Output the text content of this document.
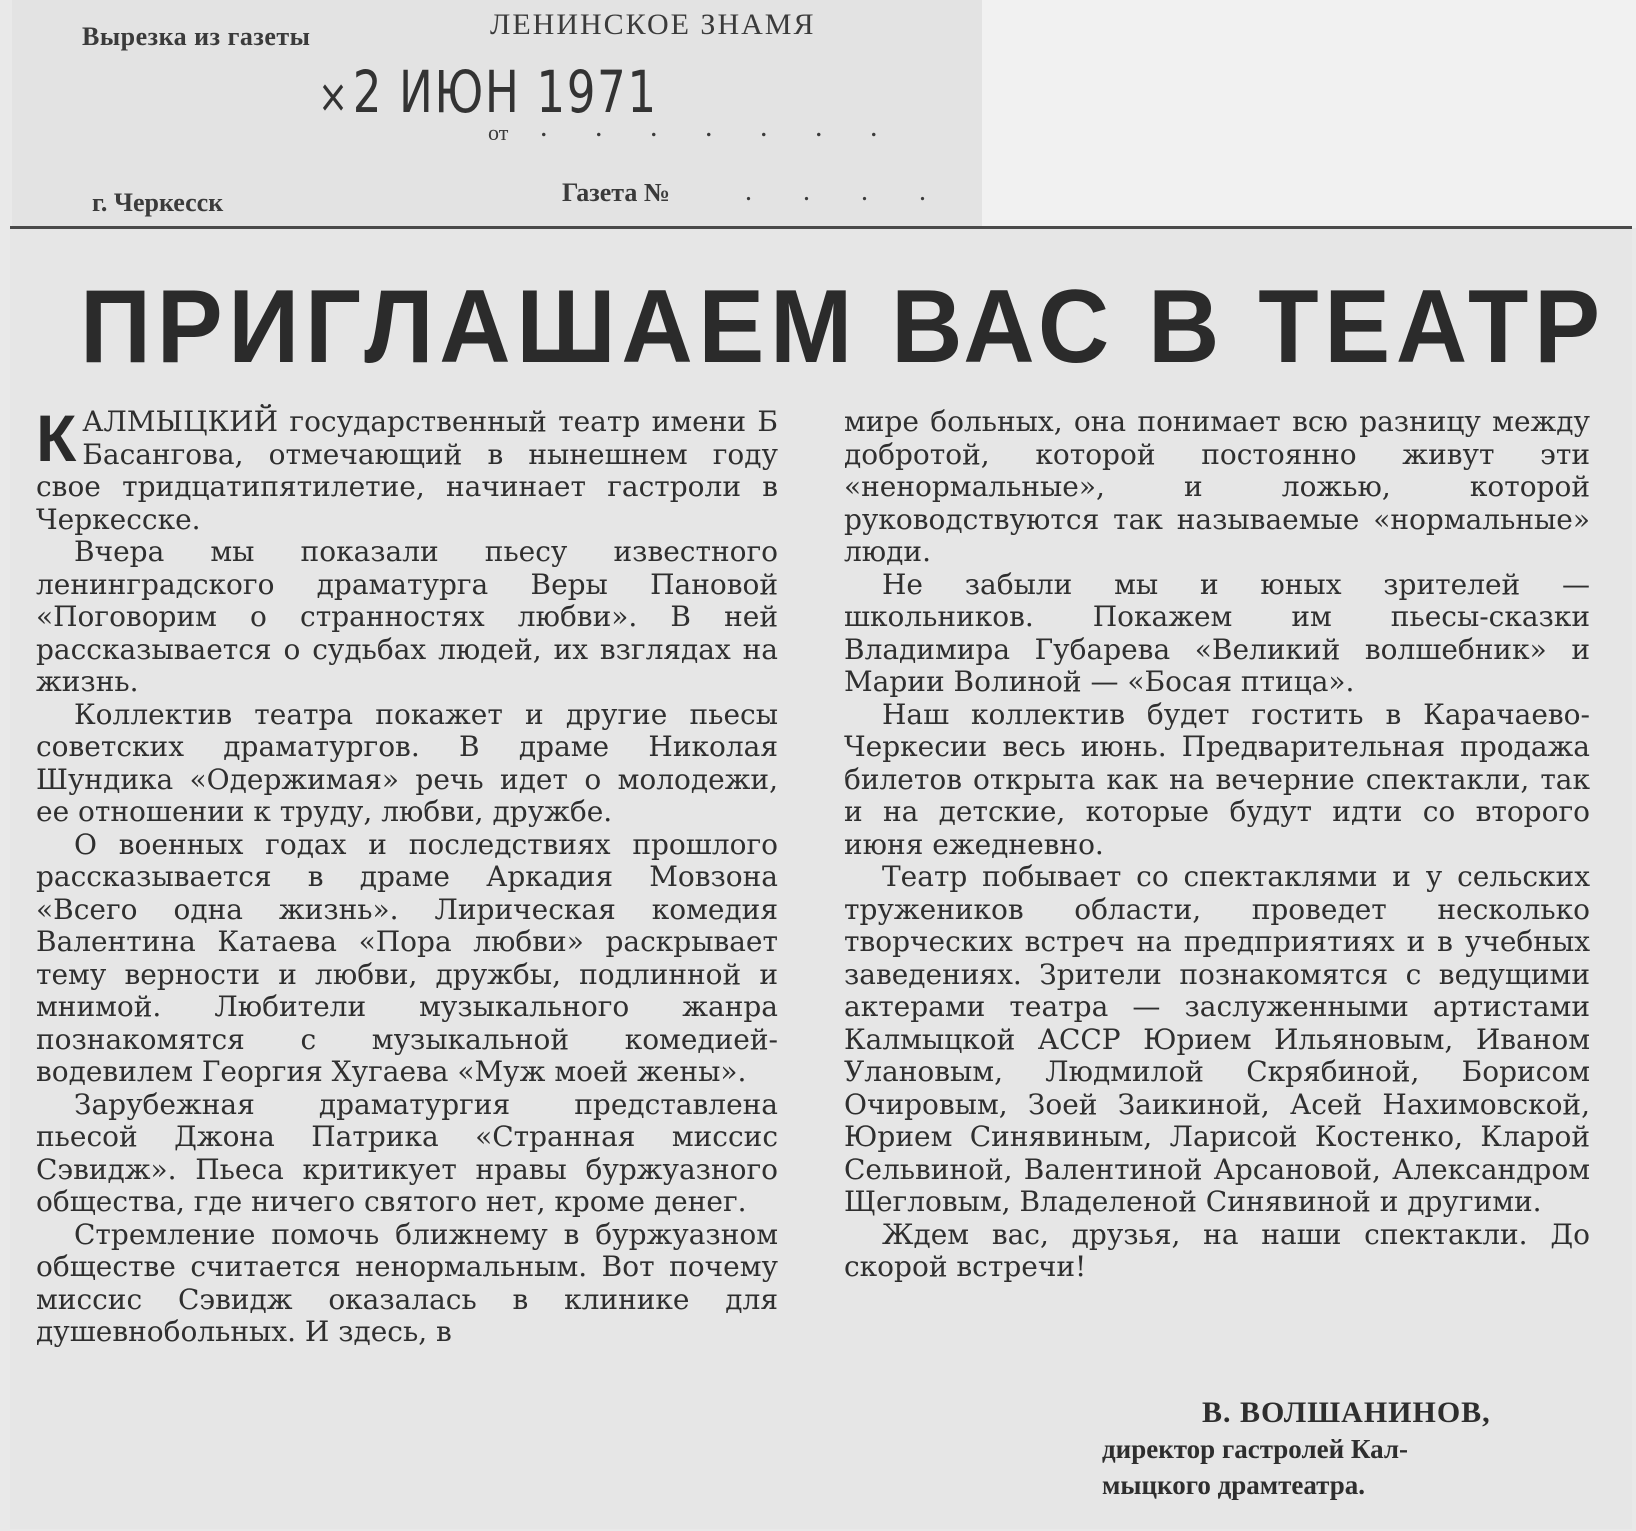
Вырезка из газеты	ЛЕНИНСКОЕ ЗНАМЯ
×2 ИЮН 1971
от . . . . . . .
г. Черкесск	Газета №	. . . .
ПРИГЛАШАЕМ ВАС В ТЕАТР

КАЛМЫЦКИЙ государственный театр имени Б Басангова, отмечающий в нынешнем году свое тридцатипятилетие, начинает гастроли в Черкесске.

Вчера мы показали пьесу известного ленинградского драматурга Веры Пановой «Поговорим о странностях любви». В ней рассказывается о судьбах людей, их взглядах на жизнь.

Коллектив театра покажет и другие пьесы советских драматургов. В драме Николая Шундика «Одержимая» речь идет о молодежи, ее отношении к труду, любви, дружбе.

О военных годах и последствиях прошлого рассказывается в драме Аркадия Мовзона «Всего одна жизнь». Лирическая комедия Валентина Катаева «Пора любви» раскрывает тему верности и любви, дружбы, подлинной и мнимой. Любители музыкального жанра познакомятся с музыкальной комедией-водевилем Георгия Хугаева «Муж моей жены».

Зарубежная драматургия представлена пьесой Джона Патрика «Странная миссис Сэвидж». Пьеса критикует нравы буржуазного общества, где ничего святого нет, кроме денег.

Стремление помочь ближнему в буржуазном обществе считается ненормальным. Вот почему миссис Сэвидж оказалась в клинике для душевнобольных. И здесь, в

мире больных, она понимает всю разницу между добротой, которой постоянно живут эти «ненормальные», и ложью, которой руководствуются так называемые «нормальные» люди.

Не забыли мы и юных зрителей — школьников. Покажем им пьесы-сказки Владимира Губарева «Великий волшебник» и Марии Волиной — «Босая птица».

Наш коллектив будет гостить в Карачаево-Черкесии весь июнь. Предварительная продажа билетов открыта как на вечерние спектакли, так и на детские, которые будут идти со второго июня ежедневно.

Театр побывает со спектаклями и у сельских тружеников области, проведет несколько творческих встреч на предприятиях и в учебных заведениях. Зрители познакомятся с ведущими актерами театра — заслуженными артистами Калмыцкой АССР Юрием Ильяновым, Иваном Улановым, Людмилой Скрябиной, Борисом Очировым, Зоей Заикиной, Асей Нахимовской, Юрием Синявиным, Ларисой Костенко, Кларой Сельвиной, Валентиной Арсановой, Александром Щегловым, Владеленой Синявиной и другими.

Ждем вас, друзья, на наши спектакли. До скорой встречи!

В. ВОЛШАНИНОВ,
директор гастролей Кал-
мыцкого драмтеатра.
